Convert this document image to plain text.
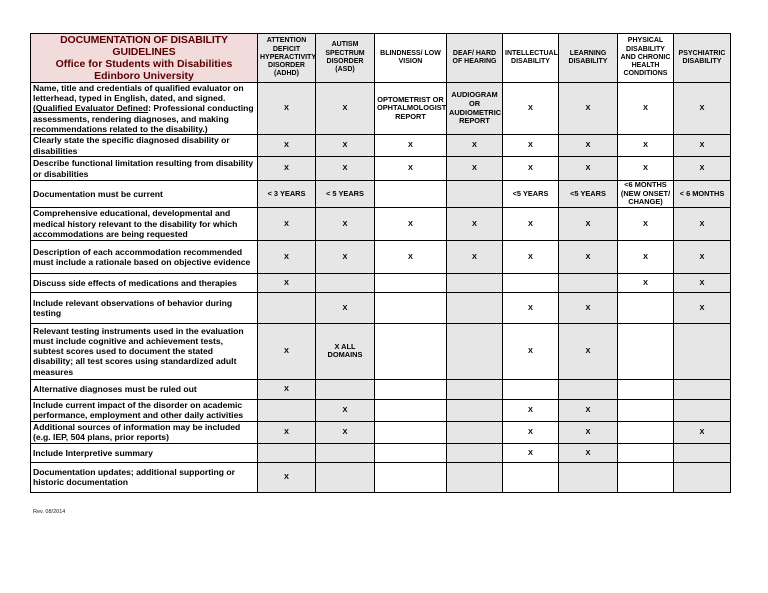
DOCUMENTATION OF DISABILITY GUIDELINES
Office for Students with Disabilities
Edinboro University	ATTENTION DEFICIT HYPERACTIVITY DISORDER (ADHD)	AUTISM SPECTRUM DISORDER (ASD)	BLINDNESS/ LOW VISION	DEAF/ HARD OF HEARING	INTELLECTUAL DISABILITY	LEARNING DISABILITY	PHYSICAL DISABILITY AND CHRONIC HEALTH CONDITIONS	PSYCHIATRIC DISABILITY
Name, title and credentials of qualified evaluator on letterhead, typed in English, dated, and signed. (Qualified Evaluator Defined: Professional conducting assessments, rendering diagnoses, and making recommendations related to the disability.)	X	X	OPTOMETRIST OR OPHTALMOLOGIST REPORT	AUDIOGRAM OR AUDIOMETRIC REPORT	X	X	X	X
Clearly state the specific diagnosed disability or disabilities	X	X	X	X	X	X	X	X
Describe functional limitation resulting from disability or disabilities	X	X	X	X	X	X	X	X
Documentation must be current	< 3 YEARS	< 5 YEARS			<5 YEARS	<5 YEARS	<6 MONTHS (NEW ONSET/ CHANGE)	< 6 MONTHS
Comprehensive educational, developmental and medical history relevant to the disability for which accommodations are being requested	X	X	X	X	X	X	X	X
Description of each accommodation recommended must include a rationale based on objective evidence	X	X	X	X	X	X	X	X
Discuss side effects of medications and therapies	X						X	X
Include relevant observations of behavior during testing		X			X	X		X
Relevant testing instruments used in the evaluation must include cognitive and achievement tests, subtest scores used to document the stated disability; all test scores using standardized adult measures	X	X ALL DOMAINS			X	X		
Alternative diagnoses must be ruled out	X							
Include current impact of the disorder on academic performance, employment and other daily activities		X			X	X		
Additional sources of information may be included (e.g. IEP, 504 plans, prior reports)	X	X			X	X		X
Include Interpretive summary					X	X		
Documentation updates; additional supporting or historic documentation	X							
Rev. 08/2014
